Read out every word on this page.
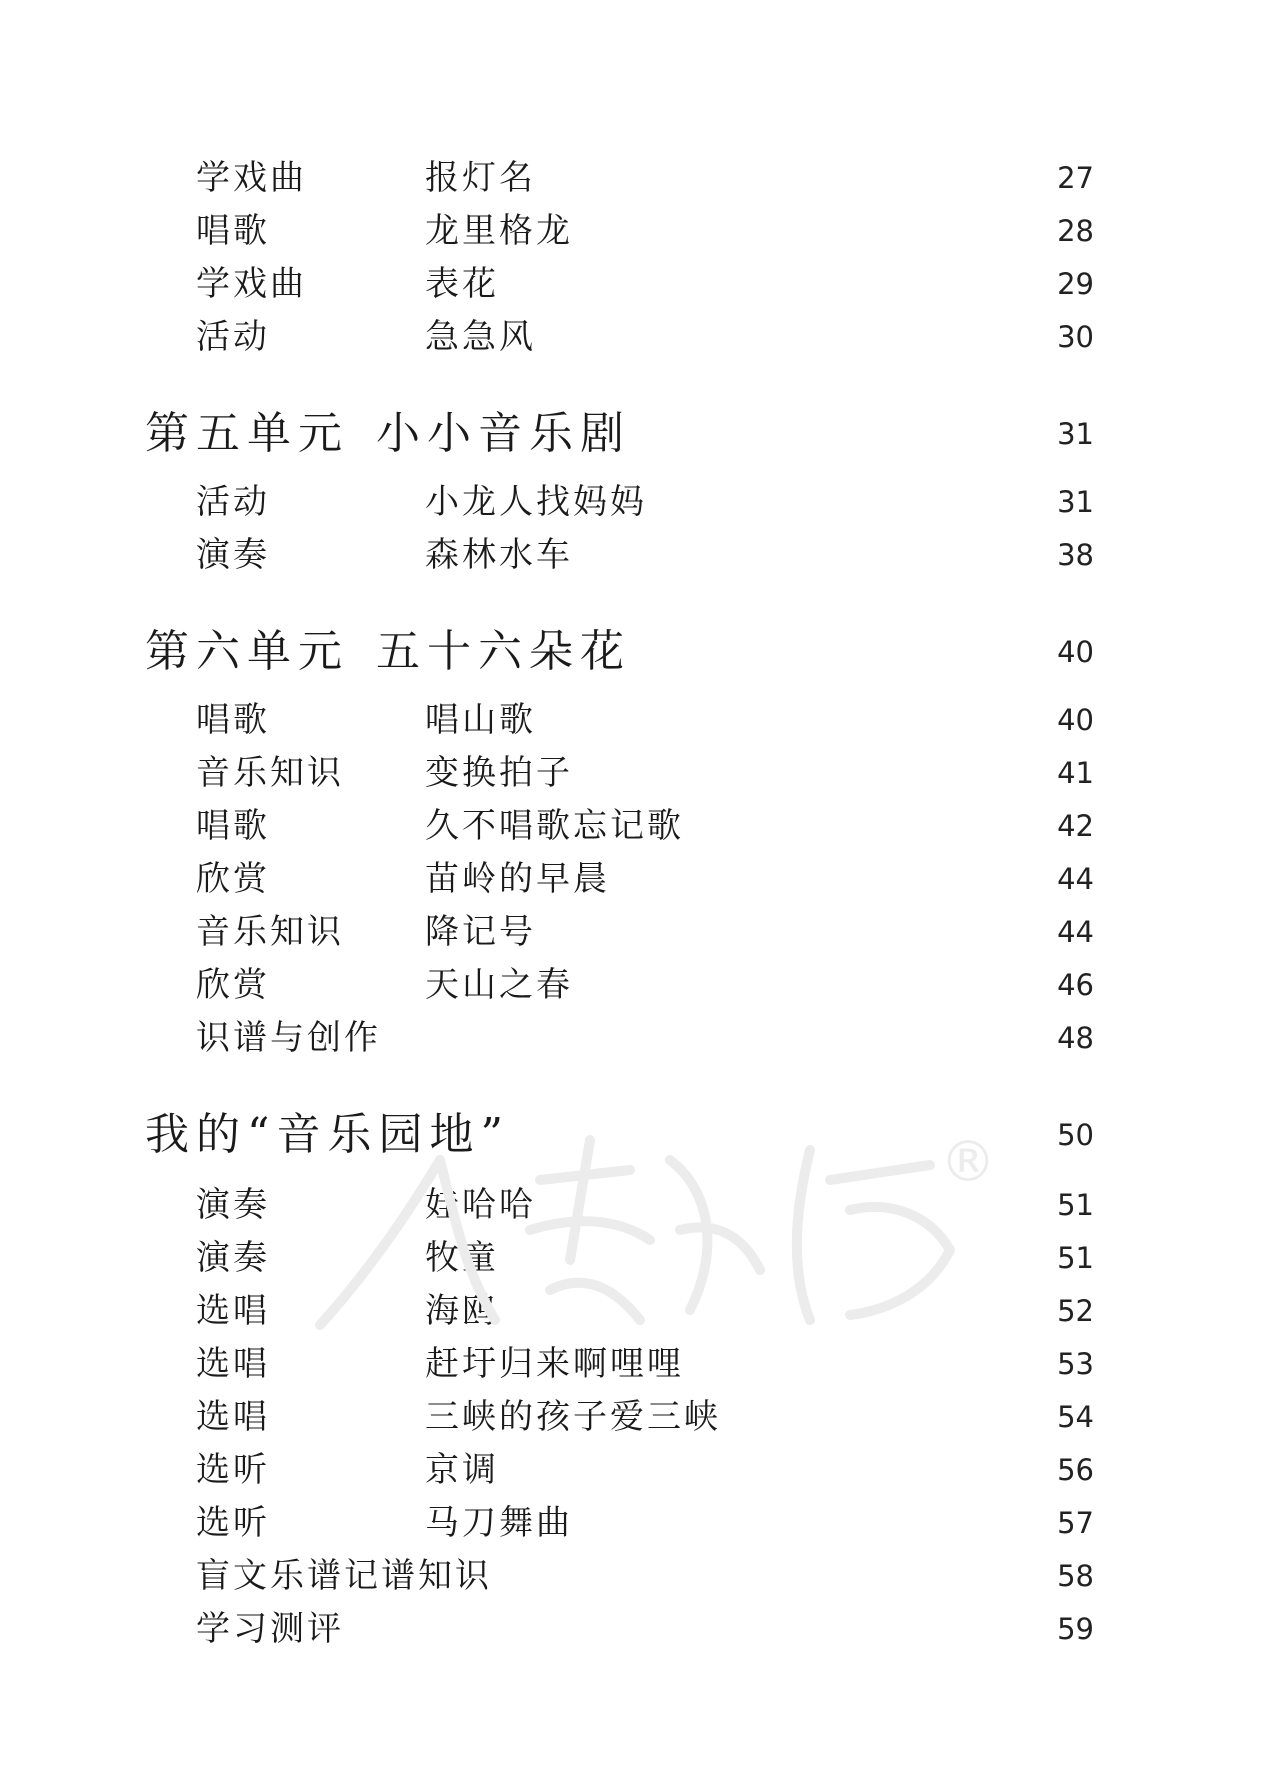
学戏曲	报灯名	27
唱歌	龙里格龙	28
学戏曲	表花	29
活动	急急风	30
第五单元 小小音乐剧	31
活动	小龙人找妈妈	31
演奏	森林水车	38
第六单元 五十六朵花	40
唱歌	唱山歌	40
音乐知识 变换拍子	41
唱歌	久不唱歌忘记歌	42
欣赏	苗岭的早晨	44
音乐知识 降记号	44
欣赏	天山之春	46
识谱与创作	48
我的“音乐园地”	50
演奏	娃哈哈	51
演奏	牧童	51
选唱	海鸥	52
选唱	赶圩归来啊哩哩	53
选唱	三峡的孩子爱三峡	54
选听	京调	56
选听	马刀舞曲	57
盲文乐谱记谱知识	58
学习测评	59
®
